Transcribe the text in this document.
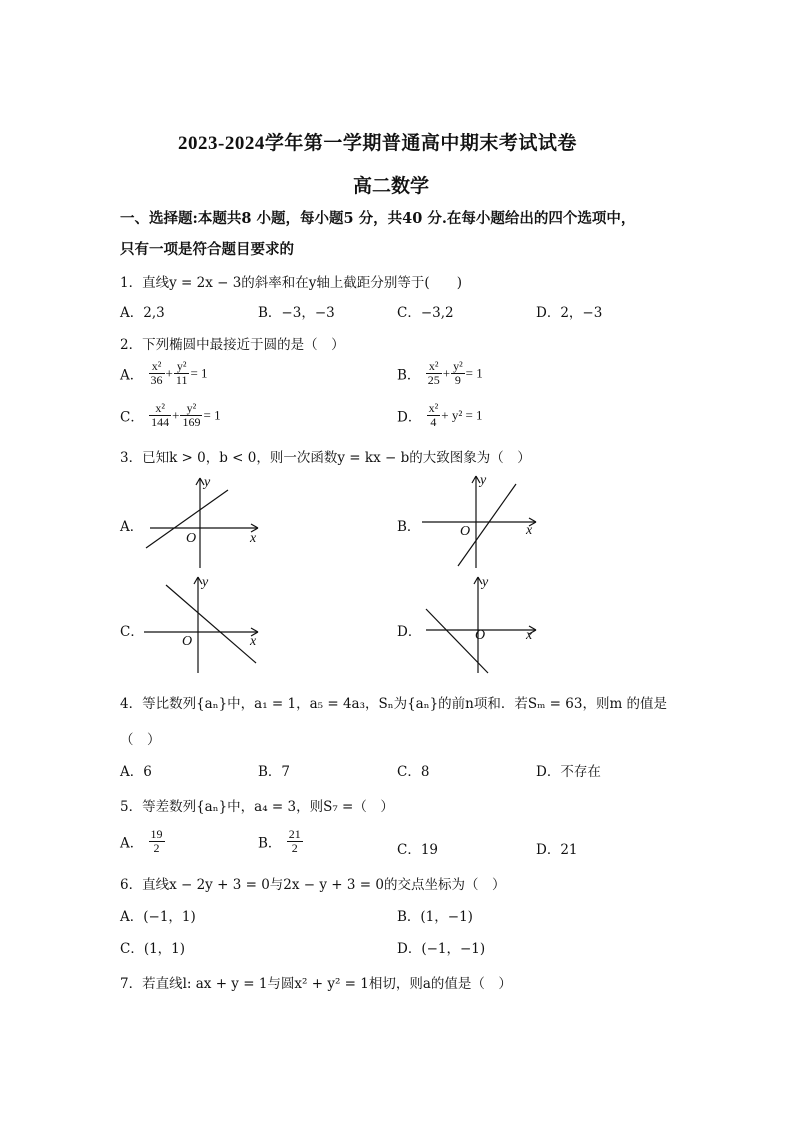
2023-2024学年第一学期普通高中期末考试试卷
高二数学
一、选择题:本题共8 小题，每小题5 分，共40 分.在每小题给出的四个选项中，
只有一项是符合题目要求的
1．直线y = 2x − 3的斜率和在y轴上截距分别等于(　　)
A．2,3	B．−3，−3	C．−3,2	D．2，−3
2．下列椭圆中最接近于圆的是（　）
A． $\frac{\text{x²}}{36} + \frac{\text{y²}}{11} = 1$	B． $\frac{\text{x²}}{25} + \frac{\text{y²}}{9} = 1$
C． $\frac{\text{x²}}{144} + \frac{\text{y²}}{169} = 1$	D． $\frac{\text{x²}}{4} + y^2 = 1$
3．已知k > 0，b < 0，则一次函数y = kx − b的大致图象为（　）
A．
y
x
O
B．
y
x
O
C．
y
x
O
D．
y
x
O
4．等比数列{aₙ}中，a₁ = 1，a₅ = 4a₃，Sₙ为{aₙ}的前n项和．若Sₘ = 63，则m 的值是
（　）
A．6	B．7	C．8	D．不存在
5．等差数列{aₙ}中，a₄ = 3，则S₇ =（　）
A． $\frac{19}{2}$	B． $\frac{21}{2}$	C．19	D．21
6．直线x − 2y + 3 = 0与2x − y + 3 = 0的交点坐标为（　）
A．(−1，1)	B．(1，−1)
C．(1，1)	D．(−1，−1)
7．若直线l: ax + y = 1与圆x² + y² = 1相切，则a的值是（　）
